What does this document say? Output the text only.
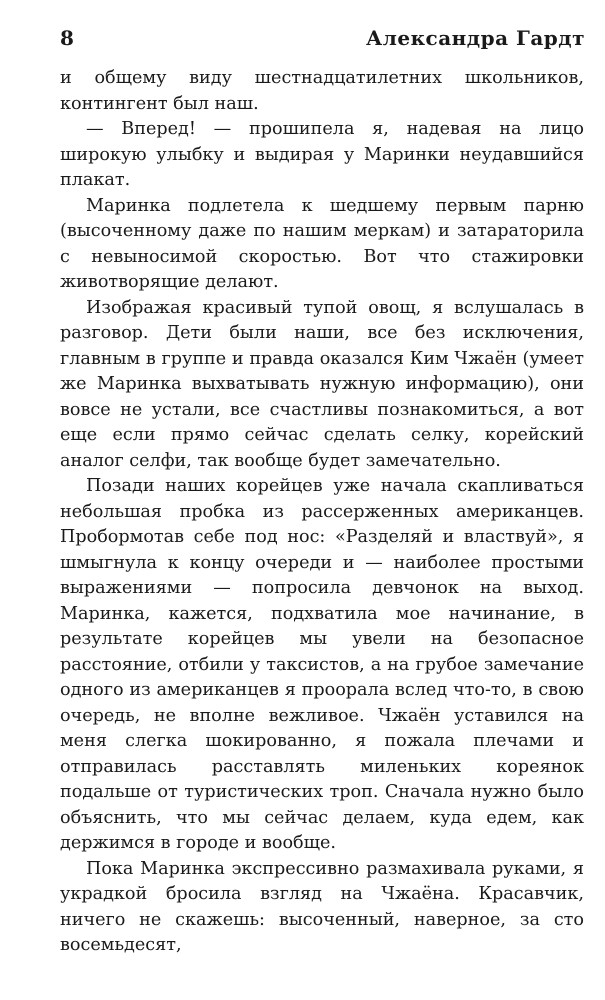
8	Александра Гардт

и общему виду шестнадцатилетних школьников, контингент был наш.

— Вперед! — прошипела я, надевая на лицо широкую улыбку и выдирая у Маринки неудавшийся плакат.

Маринка подлетела к шедшему первым парню (высоченному даже по нашим меркам) и затараторила с невыносимой скоростью. Вот что стажировки животворящие делают.

Изображая красивый тупой овощ, я вслушалась в разговор. Дети были наши, все без исключения, главным в группе и правда оказался Ким Чжаён (умеет же Маринка выхватывать нужную информацию), они вовсе не устали, все счастливы познакомиться, а вот еще если прямо сейчас сделать селку, корейский аналог селфи, так вообще будет замечательно.

Позади наших корейцев уже начала скапливаться небольшая пробка из рассерженных американцев. Пробормотав себе под нос: «Разделяй и властвуй», я шмыгнула к концу очереди и — наиболее простыми выражениями — попросила девчонок на выход. Маринка, кажется, подхватила мое начинание, в результате корейцев мы увели на безопасное расстояние, отбили у таксистов, а на грубое замечание одного из американцев я проорала вслед что-то, в свою очередь, не вполне вежливое. Чжаён уставился на меня слегка шокированно, я пожала плечами и отправилась расставлять миленьких кореянок подальше от туристических троп. Сначала нужно было объяснить, что мы сейчас делаем, куда едем, как держимся в городе и вообще.

Пока Маринка экспрессивно размахивала руками, я украдкой бросила взгляд на Чжаёна. Красавчик, ничего не скажешь: высоченный, наверное, за сто восемьдесят,
